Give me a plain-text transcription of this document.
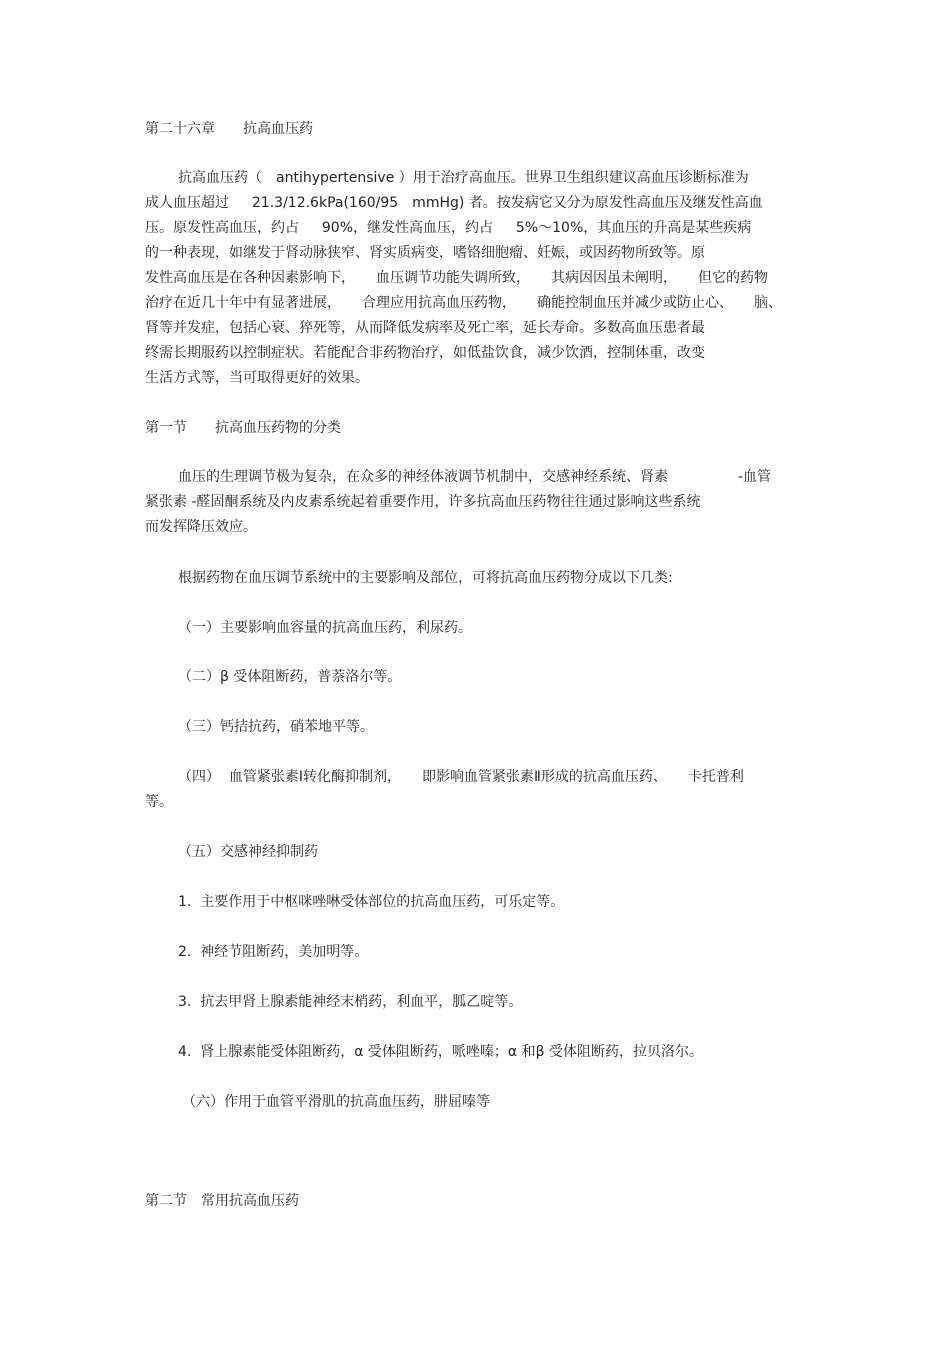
第二十六章　　抗高血压药
抗高血压药（　antihypertensive ）用于治疗高血压。世界卫生组织建议高血压诊断标准为
成人血压超过　  21.3/12.6kPa(160/95　mmHg) 者。按发病它又分为原发性高血压及继发性高血
压。原发性高血压，约占　  90%，继发性高血压，约占　  5%～10%，其血压的升高是某些疾病
的一种表现，如继发于肾动脉狭窄、肾实质病变，嗜铬细胞瘤、妊娠，或因药物所致等。原
发性高血压是在各种因素影响下，　　血压调节功能失调所致，　　其病因因虽未阐明，　　但它的药物
治疗在近几十年中有显著进展，　　合理应用抗高血压药物，　　确能控制血压并减少或防止心、　　脑、
肾等并发症，包括心衰、猝死等，从而降低发病率及死亡率，延长寿命。多数高血压患者最
终需长期服药以控制症状。若能配合非药物治疗，如低盐饮食，减少饮酒，控制体重，改变
生活方式等，当可取得更好的效果。
第一节　　抗高血压药物的分类
血压的生理调节极为复杂，在众多的神经体液调节机制中，交感神经系统、肾素　　　　　-血管
紧张素 -醛固酮系统及内皮素系统起着重要作用，许多抗高血压药物往往通过影响这些系统
而发挥降压效应。
根据药物在血压调节系统中的主要影响及部位，可将抗高血压药物分成以下几类:
（一）主要影响血容量的抗高血压药，利尿药。
（二）β 受体阻断药，普萘洛尔等。
（三）钙拮抗药，硝苯地平等。
（四）  血管紧张素Ⅰ转化酶抑制剂，　　即影响血管紧张素Ⅱ形成的抗高血压药、　　卡托普利
等。
（五）交感神经抑制药
1.  主要作用于中枢咪唑啉受体部位的抗高血压药，可乐定等。
2.  神经节阻断药，美加明等。
3.  抗去甲肾上腺素能神经末梢药，利血平，胍乙啶等。
4.  肾上腺素能受体阻断药，α 受体阻断药，哌唑嗪；α 和β 受体阻断药，拉贝洛尔。
（六）作用于血管平滑肌的抗高血压药，肼屈嗪等
第二节　常用抗高血压药
